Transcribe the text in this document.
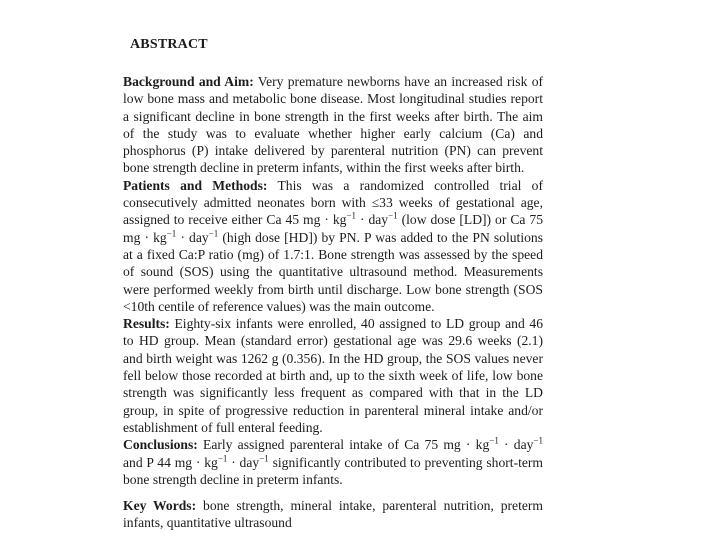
ABSTRACT

Background and Aim: Very premature newborns have an increased risk of low bone mass and metabolic bone disease. Most longitudinal studies report a significant decline in bone strength in the first weeks after birth. The aim of the study was to evaluate whether higher early calcium (Ca) and phosphorus (P) intake delivered by parenteral nutrition (PN) can prevent bone strength decline in preterm infants, within the first weeks after birth.

Patients and Methods: This was a randomized controlled trial of consecutively admitted neonates born with ≤33 weeks of gestational age, assigned to receive either Ca 45 mg · $kg^{-1} \cdot day^{-1}$ (low dose [LD]) or Ca 75 mg · $kg^{-1} \cdot day^{-1}$ (high dose [HD]) by PN. P was added to the PN solutions at a fixed Ca:P ratio (mg) of 1.7:1. Bone strength was assessed by the speed of sound (SOS) using the quantitative ultrasound method. Measurements were performed weekly from birth until discharge. Low bone strength (SOS <10th centile of reference values) was the main outcome.

Results: Eighty-six infants were enrolled, 40 assigned to LD group and 46 to HD group. Mean (standard error) gestational age was 29.6 weeks (2.1) and birth weight was 1262 g (0.356). In the HD group, the SOS values never fell below those recorded at birth and, up to the sixth week of life, low bone strength was significantly less frequent as compared with that in the LD group, in spite of progressive reduction in parenteral mineral intake and/or establishment of full enteral feeding.

Conclusions: Early assigned parenteral intake of Ca 75 mg · $kg^{-1} \cdot day^{-1}$ and P 44 mg · $kg^{-1} \cdot day^{-1}$ significantly contributed to preventing short-term bone strength decline in preterm infants.

Key Words: bone strength, mineral intake, parenteral nutrition, preterm infants, quantitative ultrasound
